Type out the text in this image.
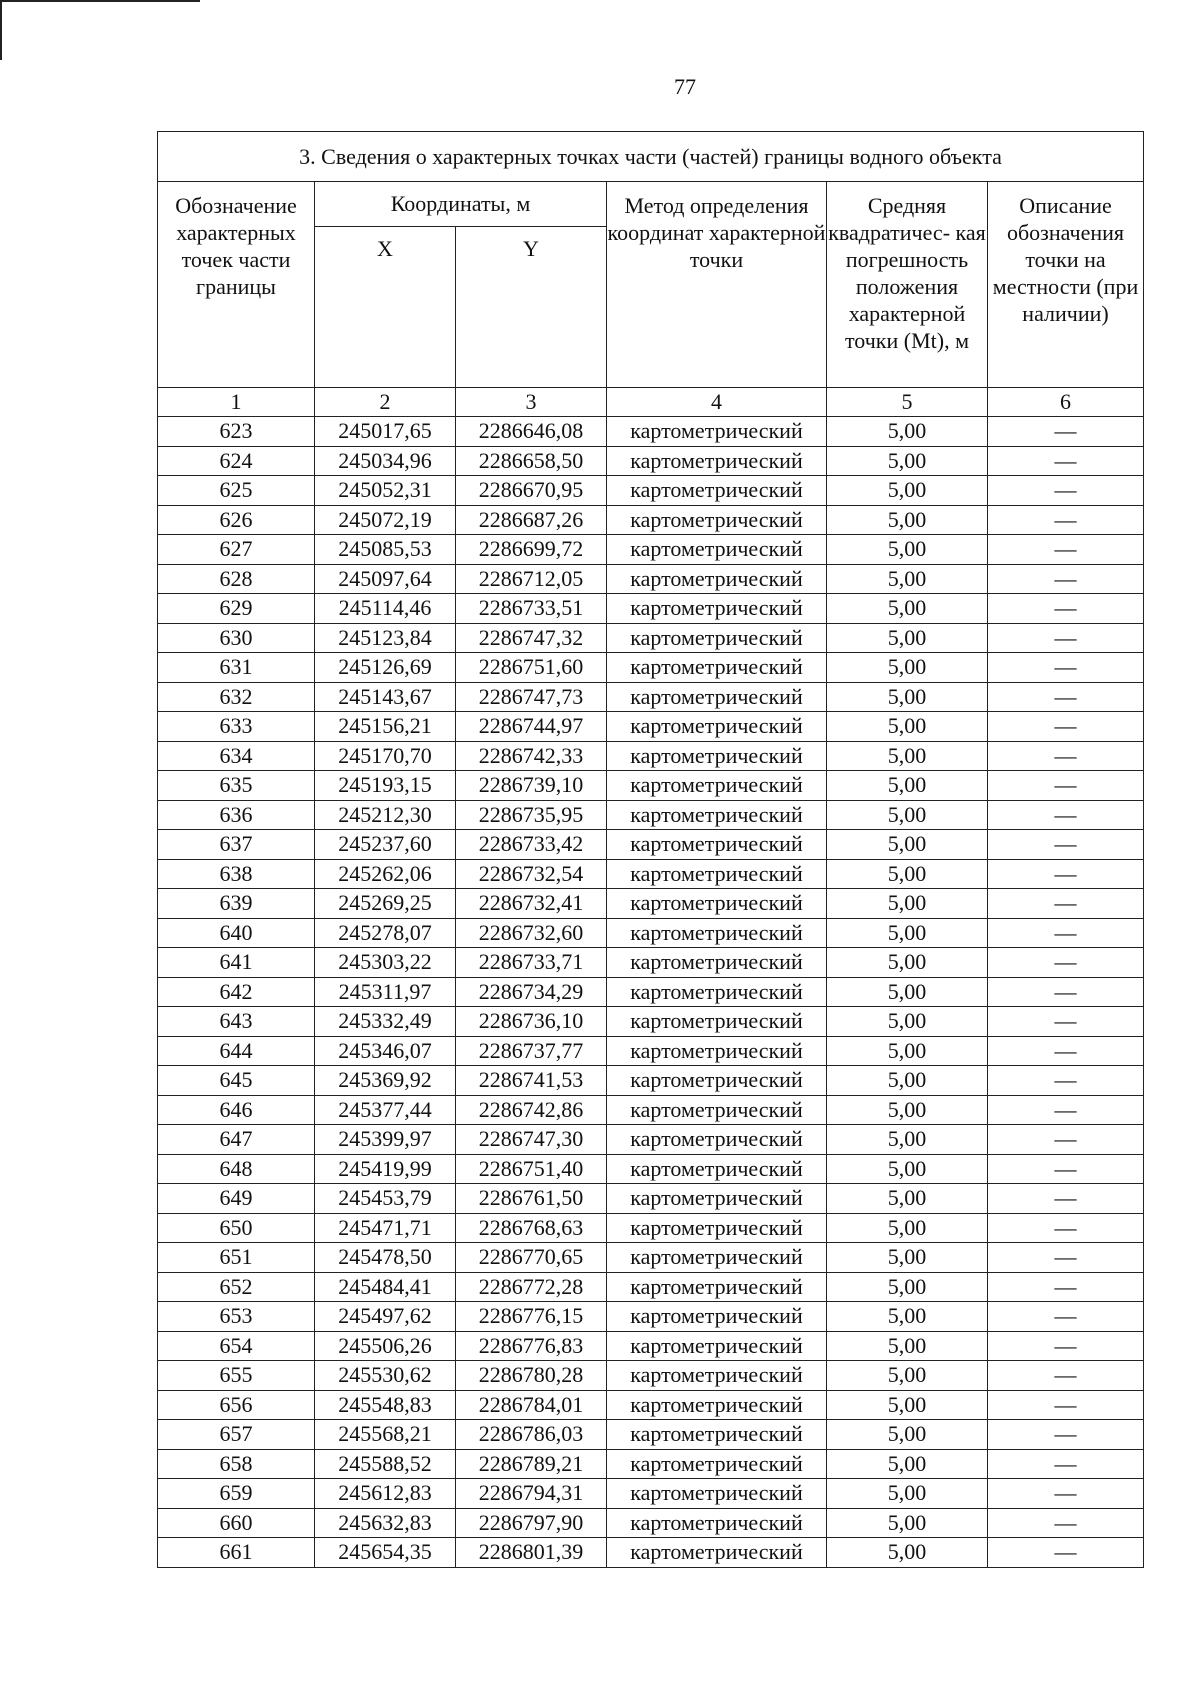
77
3. Сведения о характерных точках части (частей) границы водного объекта					
Обозначение характерных точек части границы	Координаты, м		Метод определения координат характерной точки	Средняя квадратичес- кая погрешность положения характерной точки (Mt), м	Описание обозначения точки на местности (при наличии)
	X	Y			
1	2	3	4	5	6
623	245017,65	2286646,08	картометрический	5,00	—
624	245034,96	2286658,50	картометрический	5,00	—
625	245052,31	2286670,95	картометрический	5,00	—
626	245072,19	2286687,26	картометрический	5,00	—
627	245085,53	2286699,72	картометрический	5,00	—
628	245097,64	2286712,05	картометрический	5,00	—
629	245114,46	2286733,51	картометрический	5,00	—
630	245123,84	2286747,32	картометрический	5,00	—
631	245126,69	2286751,60	картометрический	5,00	—
632	245143,67	2286747,73	картометрический	5,00	—
633	245156,21	2286744,97	картометрический	5,00	—
634	245170,70	2286742,33	картометрический	5,00	—
635	245193,15	2286739,10	картометрический	5,00	—
636	245212,30	2286735,95	картометрический	5,00	—
637	245237,60	2286733,42	картометрический	5,00	—
638	245262,06	2286732,54	картометрический	5,00	—
639	245269,25	2286732,41	картометрический	5,00	—
640	245278,07	2286732,60	картометрический	5,00	—
641	245303,22	2286733,71	картометрический	5,00	—
642	245311,97	2286734,29	картометрический	5,00	—
643	245332,49	2286736,10	картометрический	5,00	—
644	245346,07	2286737,77	картометрический	5,00	—
645	245369,92	2286741,53	картометрический	5,00	—
646	245377,44	2286742,86	картометрический	5,00	—
647	245399,97	2286747,30	картометрический	5,00	—
648	245419,99	2286751,40	картометрический	5,00	—
649	245453,79	2286761,50	картометрический	5,00	—
650	245471,71	2286768,63	картометрический	5,00	—
651	245478,50	2286770,65	картометрический	5,00	—
652	245484,41	2286772,28	картометрический	5,00	—
653	245497,62	2286776,15	картометрический	5,00	—
654	245506,26	2286776,83	картометрический	5,00	—
655	245530,62	2286780,28	картометрический	5,00	—
656	245548,83	2286784,01	картометрический	5,00	—
657	245568,21	2286786,03	картометрический	5,00	—
658	245588,52	2286789,21	картометрический	5,00	—
659	245612,83	2286794,31	картометрический	5,00	—
660	245632,83	2286797,90	картометрический	5,00	—
661	245654,35	2286801,39	картометрический	5,00	—
